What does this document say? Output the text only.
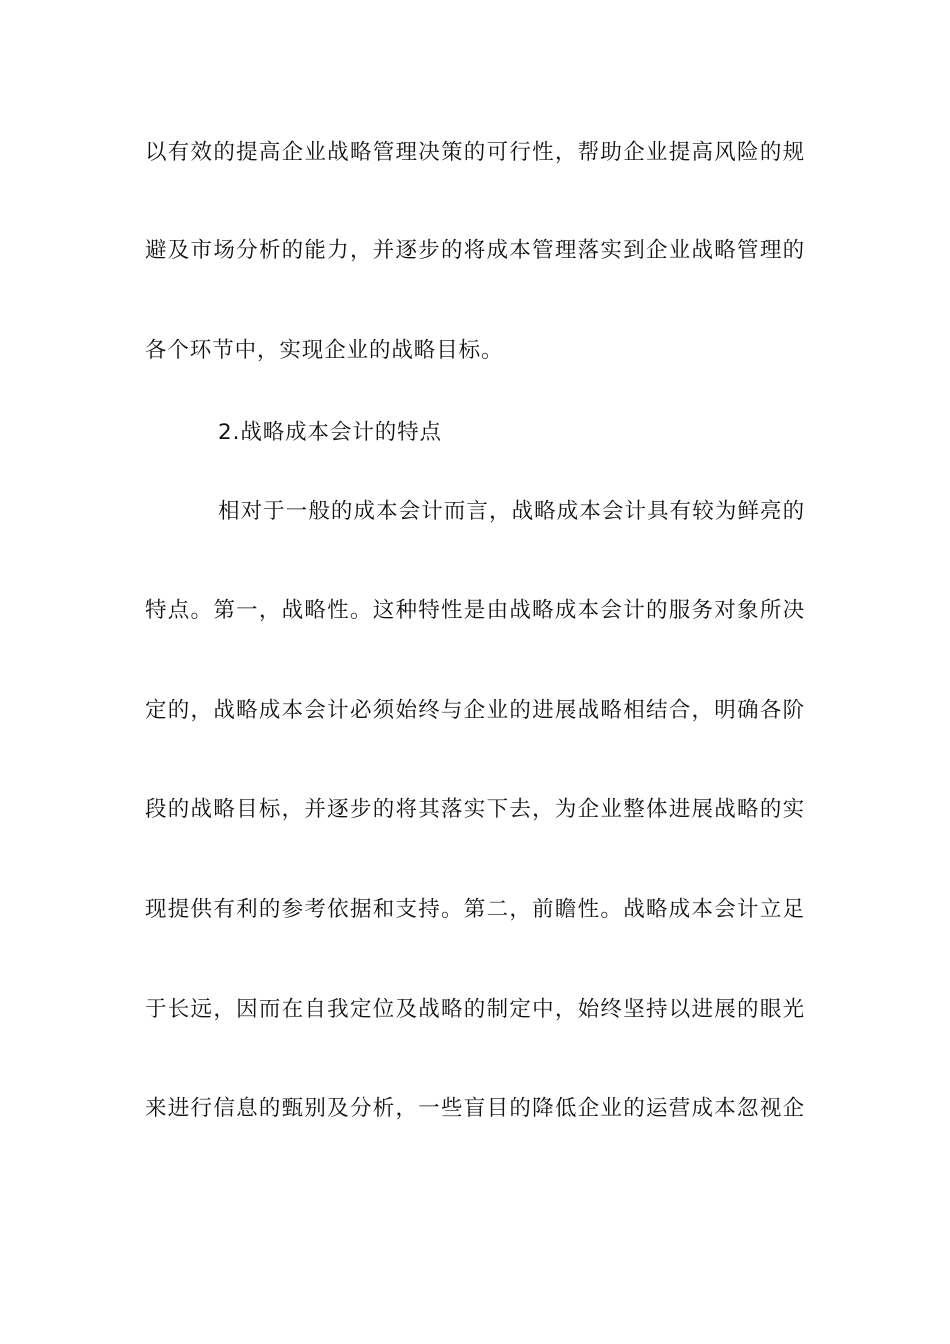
以有效的提高企业战略管理决策的可行性，帮助企业提高风险的规
避及市场分析的能力，并逐步的将成本管理落实到企业战略管理的
各个环节中，实现企业的战略目标。
2.战略成本会计的特点
相对于一般的成本会计而言，战略成本会计具有较为鲜亮的
特点。第一，战略性。这种特性是由战略成本会计的服务对象所决
定的，战略成本会计必须始终与企业的进展战略相结合，明确各阶
段的战略目标，并逐步的将其落实下去，为企业整体进展战略的实
现提供有利的参考依据和支持。第二，前瞻性。战略成本会计立足
于长远，因而在自我定位及战略的制定中，始终坚持以进展的眼光
来进行信息的甄别及分析，一些盲目的降低企业的运营成本忽视企
